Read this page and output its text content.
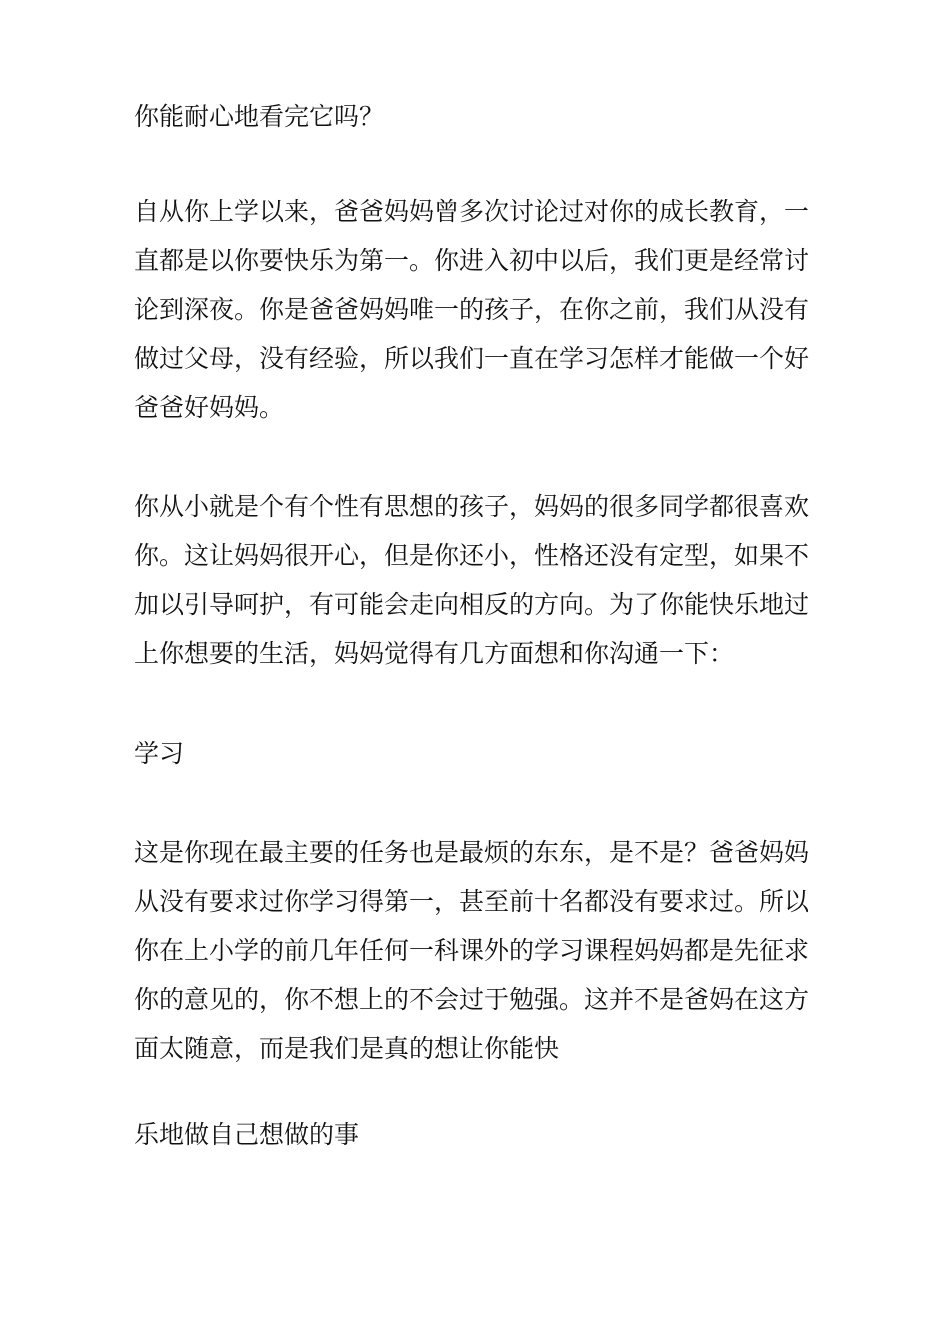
你能耐心地看完它吗？
自从你上学以来，爸爸妈妈曾多次讨论过对你的成长教育，一
直都是以你要快乐为第一。你进入初中以后，我们更是经常讨
论到深夜。你是爸爸妈妈唯一的孩子，在你之前，我们从没有
做过父母，没有经验，所以我们一直在学习怎样才能做一个好
爸爸好妈妈。
你从小就是个有个性有思想的孩子，妈妈的很多同学都很喜欢
你。这让妈妈很开心，但是你还小，性格还没有定型，如果不
加以引导呵护，有可能会走向相反的方向。为了你能快乐地过
上你想要的生活，妈妈觉得有几方面想和你沟通一下：
学习
这是你现在最主要的任务也是最烦的东东，是不是？爸爸妈妈
从没有要求过你学习得第一，甚至前十名都没有要求过。所以
你在上小学的前几年任何一科课外的学习课程妈妈都是先征求
你的意见的，你不想上的不会过于勉强。这并不是爸妈在这方
面太随意，而是我们是真的想让你能快
乐地做自己想做的事
